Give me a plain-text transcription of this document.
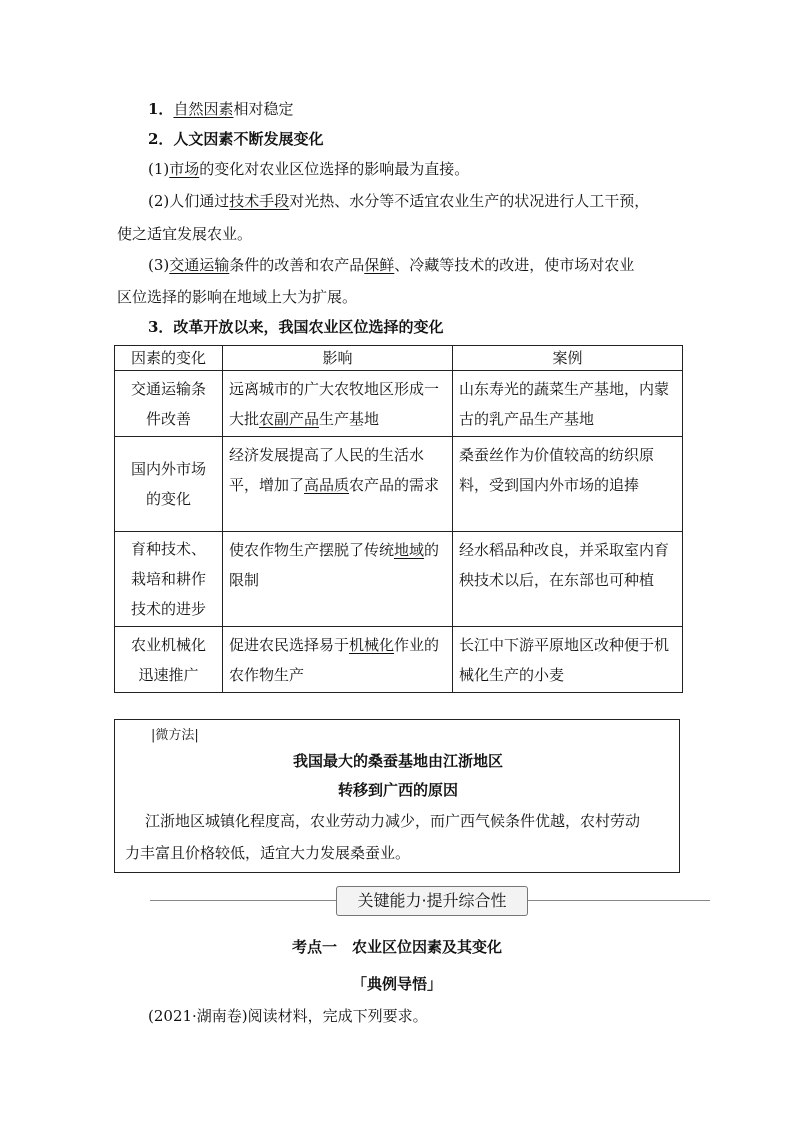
1．自然因素相对稳定
2．人文因素不断发展变化
(1)市场的变化对农业区位选择的影响最为直接。
(2)人们通过技术手段对光热、水分等不适宜农业生产的状况进行人工干预，
使之适宜发展农业。
(3)交通运输条件的改善和农产品保鲜、冷藏等技术的改进，使市场对农业
区位选择的影响在地域上大为扩展。
3．改革开放以来，我国农业区位选择的变化
因素的变化	影响	案例
交通运输条
件改善	远离城市的广大农牧地区形成一大批农副产品生产基地	山东寿光的蔬菜生产基地，内蒙古的乳产品生产基地
国内外市场
的变化	经济发展提高了人民的生活水平，增加了高品质农产品的需求	桑蚕丝作为价值较高的纺织原料，受到国内外市场的追捧
育种技术、
栽培和耕作
技术的进步	使农作物生产摆脱了传统地域的限制	经水稻品种改良，并采取室内育秧技术以后，在东部也可种植
农业机械化
迅速推广	促进农民选择易于机械化作业的农作物生产	长江中下游平原地区改种便于机械化生产的小麦
|微方法|
我国最大的桑蚕基地由江浙地区
转移到广西的原因
江浙地区城镇化程度高，农业劳动力减少，而广西气候条件优越，农村劳动
力丰富且价格较低，适宜大力发展桑蚕业。
关键能力·提升综合性
考点一　农业区位因素及其变化
「典例导悟」
(2021·湖南卷)阅读材料，完成下列要求。
